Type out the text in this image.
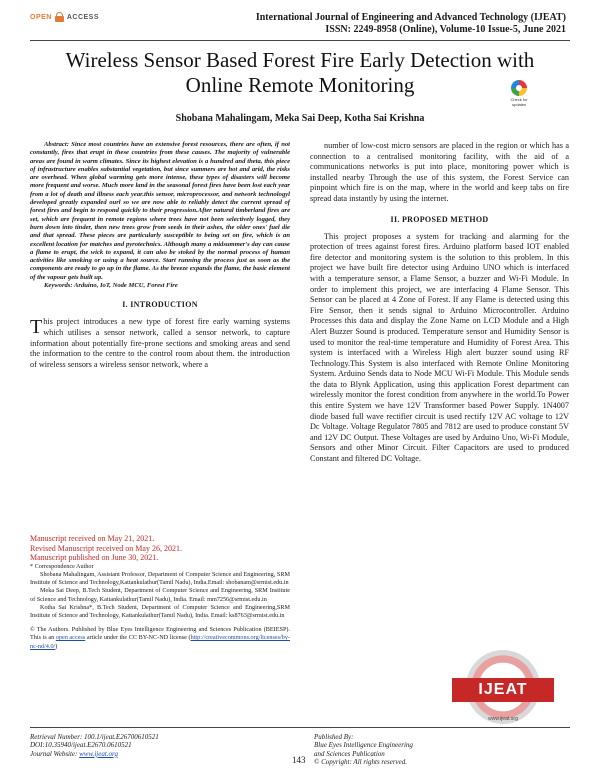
OPEN ACCESS	International Journal of Engineering and Advanced Technology (IJEAT)
ISSN: 2249-8958 (Online), Volume-10 Issue-5, June 2021
Wireless Sensor Based Forest Fire Early Detection with Online Remote Monitoring
Check for updates
Shobana Mahalingam, Meka Sai Deep, Kotha Sai Krishna

Abstract: Since most countries have an extensive forest resources, there are often, if not constantly, fires that erupt in these countries from these causes. The majority of vulnerable areas are found in warm climates. Since its highest elevation is a hundred and theta, this piece of infrastructure enables substantial vegetation, but since summers are hot and arid, the risks are overhead. When global warming gets more intense, these types of disasters will become more frequent and worse. Much more land in the seasonal forest fires have been lost each year from a lot of death and illness each year.this sensor, microprocessor, and network technologyl developed greatly expanded ourl so we are now able to reliably detect the current spread of forest fires and begin to respond quickly to their progression.After natural timberland fires are set, which are frequent in remote regions where trees have not been selectively logged, they burn down into tinder, then new trees grow from seeds in their ashes, the older ones' fuel die and that spread. These pieces are particularly susceptible to being set on fire, which is an excellent location for matches and pyrotechnics. Although many a midsummer's day can cause a flame to erupt, the wick to expand, it can also be stoked by the normal process of human activities like smoking or using a heat source. Start running the process just as soon as the components are ready to go up in the flame. As the breeze expands the flame, the basic element of the vapour gets built up.

Keywords: Arduino, IoT, Node MCU, Forest Fire

I. INTRODUCTION

This project introduces a new type of forest fire early warning systems which utilises a sensor network, called a sensor network, to capture information about potentially fire-prone sections and smoking areas and send the information to the centre to the control room about them. the introduction of wireless sensors a wireless sensor network, where a

Manuscript received on May 21, 2021.

Revised Manuscript received on May 26, 2021.

Manuscript published on June 30, 2021.

* Correspondence Author

Shobana Mahalingam, Assistant Professor, Department of Computer Science and Engineering, SRM Institute of Science and Technology,Kattankulathur(Tamil Nadu), India.Email: shobanam@srmist.edu.in

Meka Sai Deep, B.Tech Student, Department of Computer Science and Engineering, SRM Institute of Science and Technology, Kattankulathur(Tamil Nadu), India. Email: mm7256@srmist.edu.in

Kotha Sai Krishna*, B.Tech Student, Department of Computer Science and Engineering,SRM Institute of Science and Technology, Kattankulathur(Tamil Nadu), India. Email: ks8763@srmist.edu.in

© The Authors. Published by Blue Eyes Intelligence Engineering and Sciences Publication (BEIESP). This is an open access article under the CC BY-NC-ND license (http://creativecommons.org/licenses/by-nc-nd/4.0/)

number of low-cost micro sensors are placed in the region or which has a connection to a centralised monitoring facility, with the aid of a communications networks is put into place, monitoring power which is installed nearby Through the use of this system, the Forest Service can pinpoint which fire is on the map, where in the world and keep tabs on fire spread data instantly by using the internet.

II. PROPOSED METHOD

This project proposes a system for tracking and alarming for the protection of trees against forest fires. Arduino platform based IOT enabled fire detector and monitoring system is the solution to this problem. In this project we have built fire detector using Arduino UNO which is interfaced with a temperature sensor, a Flame Sensor, a buzzer and Wi-Fi Module. In order to implement this project, we are interfacing 4 Flame Sensor. This Sensor can be placed at 4 Zone of Forest. If any Flame is detected using this Fire Sensor, then it sends signal to Arduino Microcontroller. Arduino Processes this data and display the Zone Name on LCD Module and a High Alert Buzzer Sound is produced. Temperature sensor and Humidity Sensor is used to monitor the real-time temperature and Humidity of Forest Area. This system is interfaced with a Wireless High alert buzzer sound using RF Technology.This System is also interfaced with Remote Online Monitoring System. Arduino Sends data to Node MCU Wi-Fi Module. This Module sends the data to Blynk Application, using this application Forest department can wirelessly monitor the forest condition from anywhere in the world.To Power this entire System we have 12V Transformer based Power Supply. 1N4007 diode based full wave rectifier circuit is used rectify 12V AC voltage to 12V Dc Voltage. Voltage Regulator 7805 and 7812 are used to produce constant 5V and 12V DC Output. These Voltages are used by Arduino Uno, Wi-Fi Module, Sensors and other Minor Circuit. Filter Capacitors are used to produced Constant and filtered DC Voltage.

IJEAT
www.ijeat.org
Retrieval Number: 100.1/ijeat.E26700610521
DOI:10.35940/ijeat.E2670.0610521
Journal Website: www.ijeat.org
143
Published By:
Blue Eyes Intelligence Engineering
and Sciences Publication
© Copyright: All rights reserved.
